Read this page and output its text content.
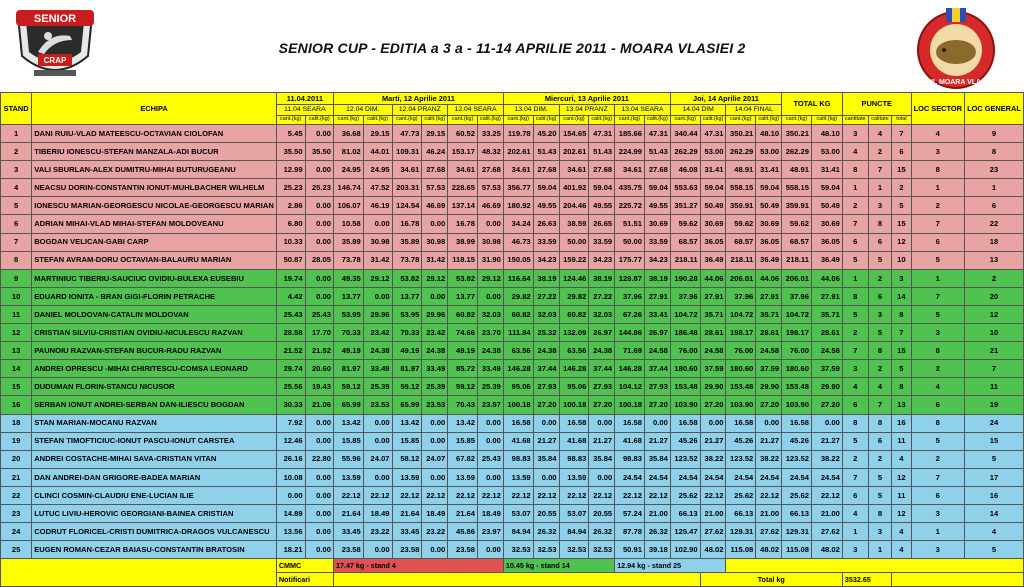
SENIOR
CRAP
SENIOR CUP - EDITIA a 3 a - 11-14 APRILIE 2011 - MOARA VLASIEI 2
ACUL MOARA VLASIEI
STAND	ECHIPA	11.04.2011		Marti, 12 Aprilie 2011						Miercuri, 13 Aprilie 2011						Joi, 14 Aprilie 2011				TOTAL KG		PUNCTE			LOC SECTOR	LOC GENERAL
		11.04 SEARA		12.04 DIM.		12.04 PRANZ		12.04 SEARA		13.04 DIM.		13.04 PRANZ		13.04 SEARA		14.04 DIM		14.04 FINAL								
		cant.(kg)	calit.(kg)	cant.(kg)	calit.(kg)	cant.(kg)	calit.(kg)	cant.(kg)	calit.(kg)	cant.(kg)	calit.(kg)	cant.(kg)	calit.(kg)	cant.(kg)	calit.(kg)	cant.(kg)	calit.(kg)	cant.(kg)	calit.(kg)	cant.(kg)	calit.(kg)	cantitate	calitate	total		
1	DANI RUIU-VLAD MATEESCU-OCTAVIAN CIOLOFAN	5.45	0.00	36.68	29.15	47.73	29.15	60.52	33.25	119.78	45.20	154.65	47.31	185.66	47.31	340.44	47.31	350.21	48.10	350.21	48.10	3	4	7	4	9
2	TIBERIU IONESCU-STEFAN MANZALA-ADI BUCUR	35.50	35.50	81.02	44.01	109.31	46.24	153.17	48.32	202.61	51.43	202.61	51.43	224.99	51.43	262.29	53.00	262.29	53.00	262.29	53.00	4	2	6	3	8
3	VALI SBURLAN-ALEX DUMITRU-MIHAI BUTURUGEANU	12.99	0.00	24.95	24.95	34.61	27.68	34.61	27.68	34.61	27.68	34.61	27.68	34.61	27.68	46.08	31.41	48.91	31.41	48.91	31.41	8	7	15	8	23
4	NEACSU DORIN-CONSTANTIN IONUT-MUHLBACHER WILHELM	25.23	25.23	146.74	47.52	203.31	57.53	228.65	57.53	356.77	59.04	401.92	59.04	435.75	59.04	553.63	59.04	558.15	59.04	558.15	59.04	1	1	2	1	1
5	IONESCU MARIAN-GEORGESCU NICOLAE-GEORGESCU MARIAN	2.86	0.00	106.07	46.19	124.54	46.69	137.14	46.69	180.92	49.55	204.46	49.55	225.72	49.55	351.27	50.49	359.91	50.49	359.91	50.49	2	3	5	2	6
6	ADRIAN MIHAI-VLAD MIHAI-STEFAN MOLDOVEANU	6.80	0.00	10.58	0.00	16.78	0.00	16.78	0.00	34.24	26.63	38.59	26.65	51.51	30.69	59.62	30.69	59.62	30.69	59.62	30.69	7	8	15	7	22
7	BOGDAN VELICAN-GABI CARP	10.33	0.00	35.89	30.98	35.89	30.98	38.99	30.98	46.73	33.59	50.00	33.59	50.00	33.59	68.57	36.05	68.57	36.05	68.57	36.05	6	6	12	6	18
8	STEFAN AVRAM-DORU OCTAVIAN-BALAURU MARIAN	50.87	28.05	73.78	31.42	73.78	31.42	118.15	31.90	150.05	34.23	159.22	34.23	175.77	34.23	218.11	36.49	218.11	36.49	218.11	36.49	5	5	10	5	13
9	MARTINIUC TIBERIU-SAUCIUC OVIDIU-BULEXA EUSEBIU	19.74	0.00	49.35	29.12	53.82	29.12	53.82	29.12	116.64	38.19	124.46	38.19	128.87	38.19	190.28	44.06	206.01	44.06	206.01	44.06	1	2	3	1	2
10	EDUARD IONITA - BRAN GIGI-FLORIN PETRACHE	4.42	0.00	13.77	0.00	13.77	0.00	13.77	0.00	29.82	27.22	29.82	27.22	37.96	27.91	37.96	27.91	37.96	27.91	37.96	27.91	8	6	14	7	20
11	DANIEL MOLDOVAN-CATALIN MOLDOVAN	25.43	25.43	53.95	29.96	53.95	29.96	60.82	32.03	60.82	32.03	60.82	32.03	67.26	33.41	104.72	35.71	104.72	35.71	104.72	35.71	5	3	8	5	12
12	CRISTIAN SILVIU-CRISTIAN OVIDIU-NICULESCU RAZVAN	28.58	17.70	70.33	23.42	70.33	23.42	74.66	23.70	111.84	25.32	132.09	26.97	144.86	26.97	186.48	28.61	198.17	28.61	198.17	28.61	2	5	7	3	10
13	PAUNOIU RAZVAN-STEFAN BUCUR-RADU RAZVAN	21.52	21.52	49.19	24.38	49.19	24.38	49.19	24.38	63.56	24.38	63.56	24.38	71.69	24.58	76.00	24.58	76.00	24.58	76.00	24.58	7	8	15	8	21
14	ANDREI OPRESCU -MIHAI CHIRITESCU-COMSA LEONARD	29.74	20.60	81.97	33.49	81.97	33.49	85.72	33.49	146.28	37.44	146.28	37.44	146.28	37.44	180.60	37.59	180.60	37.59	180.60	37.59	3	2	5	2	7
15	DUDUMAN FLORIN-STANCU NICUSOR	25.56	19.43	59.12	25.39	59.12	25.39	59.12	25.39	95.06	27.93	95.06	27.93	104.12	27.93	153.48	29.90	153.48	29.90	153.48	29.90	4	4	8	4	11
16	SERBAN IONUT ANDREI-SERBAN DAN-ILIESCU BOGDAN	30.33	21.06	65.99	23.53	65.99	23.53	70.43	23.57	100.18	27.20	100.18	27.20	100.18	27.20	103.90	27.20	103.90	27.20	103.90	27.20	6	7	13	6	19
18	STAN MARIAN-MOCANU RAZVAN	7.92	0.00	13.42	0.00	13.42	0.00	13.42	0.00	16.58	0.00	16.58	0.00	16.58	0.00	16.58	0.00	16.58	0.00	16.58	0.00	8	8	16	8	24
19	STEFAN TIMOFTICIUC-IONUT PASCU-IONUT CARSTEA	12.46	0.00	15.85	0.00	15.85	0.00	15.85	0.00	41.68	21.27	41.68	21.27	41.68	21.27	45.26	21.27	45.26	21.27	45.26	21.27	5	6	11	5	15
20	ANDREI COSTACHE-MIHAI SAVA-CRISTIAN VITAN	26.16	22.80	55.96	24.07	58.12	24.07	67.82	25.43	98.83	35.84	98.83	35.84	98.83	35.84	123.52	38.22	123.52	38.22	123.52	38.22	2	2	4	2	5
21	DAN ANDREI-DAN GRIGORE-BADEA MARIAN	10.08	0.00	13.59	0.00	13.59	0.00	13.59	0.00	13.59	0.00	13.59	0.00	24.54	24.54	24.54	24.54	24.54	24.54	24.54	24.54	7	5	12	7	17
22	CLINCI COSMIN-CLAUDIU ENE-LUCIAN ILIE	0.00	0.00	22.12	22.12	22.12	22.12	22.12	22.12	22.12	22.12	22.12	22.12	22.12	22.12	25.62	22.12	25.62	22.12	25.62	22.12	6	5	11	6	16
23	LUTUC LIVIU-HEROVIC GEORGIANI-BAINEA CRISTIAN	14.89	0.00	21.64	18.49	21.64	18.49	21.64	18.49	53.07	20.55	53.07	20.55	57.24	21.00	66.13	21.00	66.13	21.00	66.13	21.00	4	8	12	3	14
24	CODRUT FLORICEL-CRISTI DUMITRICA-DRAGOS VULCANESCU	13.56	0.00	33.45	23.22	33.45	23.22	45.86	23.97	84.94	26.32	84.94	26.32	87.78	26.32	125.47	27.62	129.31	27.62	129.31	27.62	1	3	4	1	4
25	EUGEN ROMAN-CEZAR BAIASU-CONSTANTIN BRATOSIN	18.21	0.00	23.58	0.00	23.58	0.00	23.58	0.00	32.53	32.53	32.53	32.53	50.91	39.18	102.90	48.02	115.08	48.02	115.08	48.02	3	1	4	3	5
		CMMC		17.47 kg - stand 4						10.45 kg - stand 14				12.94 kg - stand 25												
		Notificari															Total kg					3532.65				
